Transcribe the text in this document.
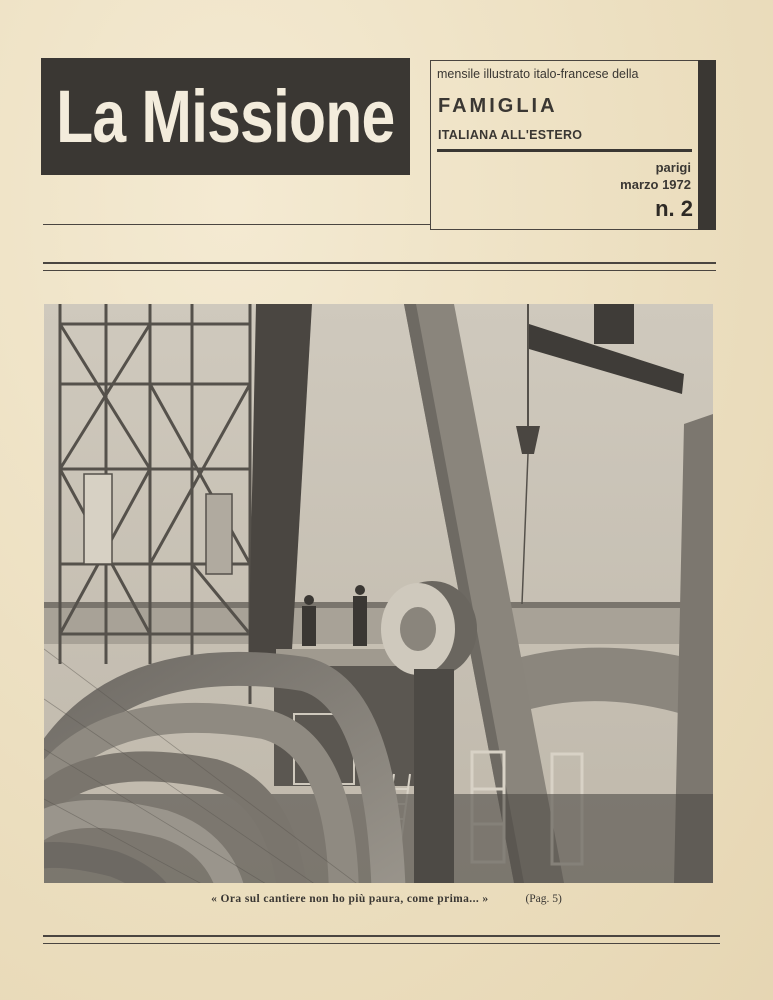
La Missione
mensile illustrato italo-francese della
FAMIGLIA
ITALIANA ALL'ESTERO
parigi
marzo 1972
n. 2
« Ora sul cantiere non ho più paura, come prima... »	(Pag. 5)
